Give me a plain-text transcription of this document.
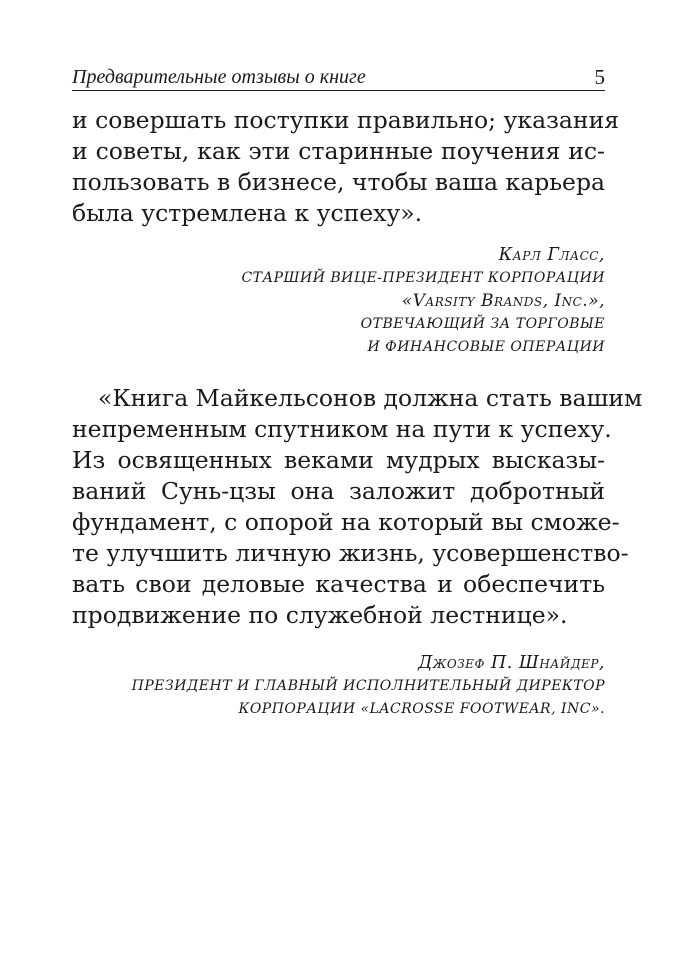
Предварительные отзывы о книге	5
и совершать поступки правильно; указания
и советы, как эти старинные поучения ис-
пользовать в бизнесе, чтобы ваша карьера
была устремлена к успеху».
Карл Гласс,
СТАРШИЙ ВИЦЕ-ПРЕЗИДЕНТ КОРПОРАЦИИ
«Varsity Brands, Inc.»,
ОТВЕЧАЮЩИЙ ЗА ТОРГОВЫЕ
И ФИНАНСОВЫЕ ОПЕРАЦИИ
«Книга Майкельсонов должна стать вашим
непременным спутником на пути к успеху.
Из освященных веками мудрых высказы-
ваний Сунь-цзы она заложит добротный
фундамент, с опорой на который вы сможе-
те улучшить личную жизнь, усовершенство-
вать свои деловые качества и обеспечить
продвижение по служебной лестнице».
Джозеф П. Шнайдер,
ПРЕЗИДЕНТ И ГЛАВНЫЙ ИСПОЛНИТЕЛЬНЫЙ ДИРЕКТОР
КОРПОРАЦИИ «LACROSSE FOOTWEAR, INC».
